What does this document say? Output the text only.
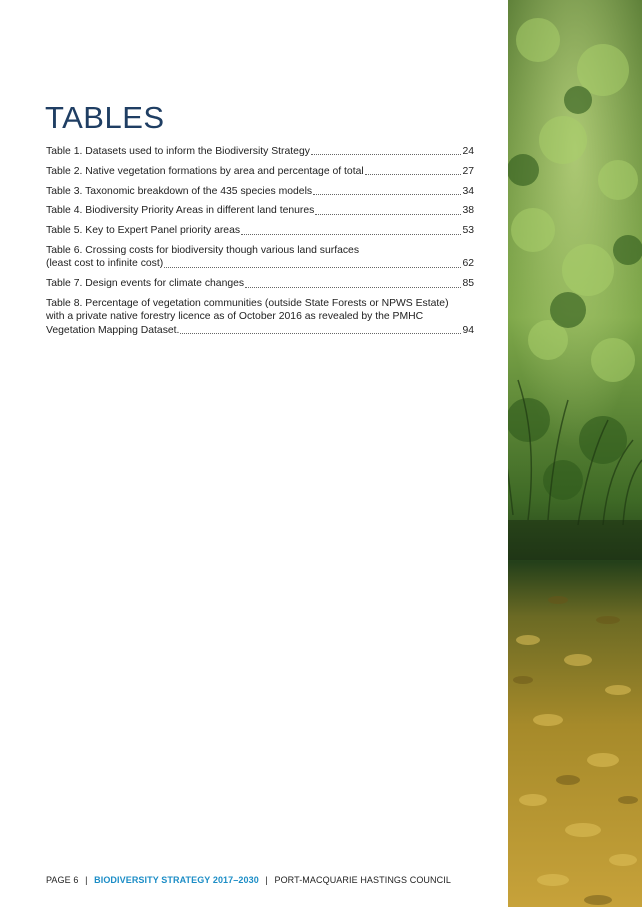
TABLES
Table 1. Datasets used to inform the Biodiversity Strategy	24
Table 2. Native vegetation formations by area and percentage of total	27
Table 3. Taxonomic breakdown of the 435 species models	34
Table 4. Biodiversity Priority Areas in different land tenures	38
Table 5. Key to Expert Panel priority areas	53
Table 6. Crossing costs for biodiversity though various land surfaces
(least cost to infinite cost)	62
Table 7. Design events for climate changes	85
Table 8. Percentage of vegetation communities (outside State Forests or NPWS Estate)
with a private native forestry licence as of October 2016 as revealed by the PMHC
Vegetation Mapping Dataset.	94
PAGE 6 | BIODIVERSITY STRATEGY 2017–2030 | PORT-MACQUARIE HASTINGS COUNCIL
